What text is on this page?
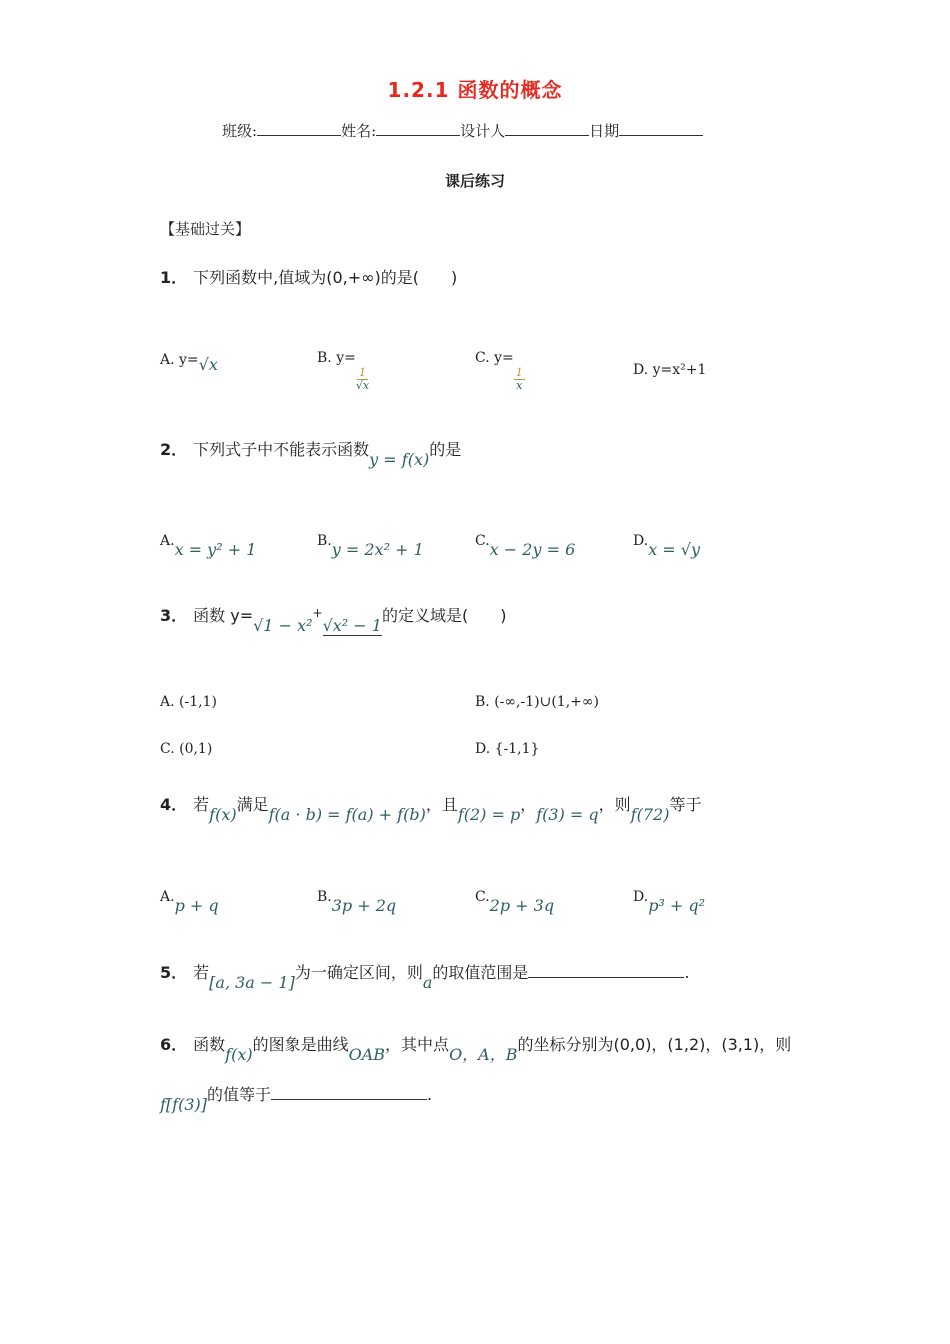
1.2.1 函数的概念
班级:	姓名:	设计人	日期
课后练习
【基础过关】
1． 下列函数中,值域为(0,+∞)的是(　　)
A. y=√x	B. y=
$\frac{1}{√x}$
C. y=
$\frac{1}{x}$	D. y=x²+1
2． 下列式子中不能表示函数y = f(x)的是
A.x = y² + 1	B.y = 2x² + 1	C.x − 2y = 6	D.x = √y
3． 函数 y=√1 − x²+√x² − 1的定义域是(　　)
A. (-1,1)	B. (-∞,-1)∪(1,+∞)
C. (0,1)	D. {-1,1}
4． 若f(x)满足f(a · b) = f(a) + f(b)，且f(2) = p，f(3) = q，则f(72)等于
A.p + q	B.3p + 2q	C.2p + 3q	D.p³ + q²
5． 若[a, 3a − 1]为一确定区间，则a的取值范围是	.
6． 函数f(x)的图象是曲线OAB，其中点O，A，B的坐标分别为(0,0)，(1,2)，(3,1)，则
f[f(3)]的值等于	.
